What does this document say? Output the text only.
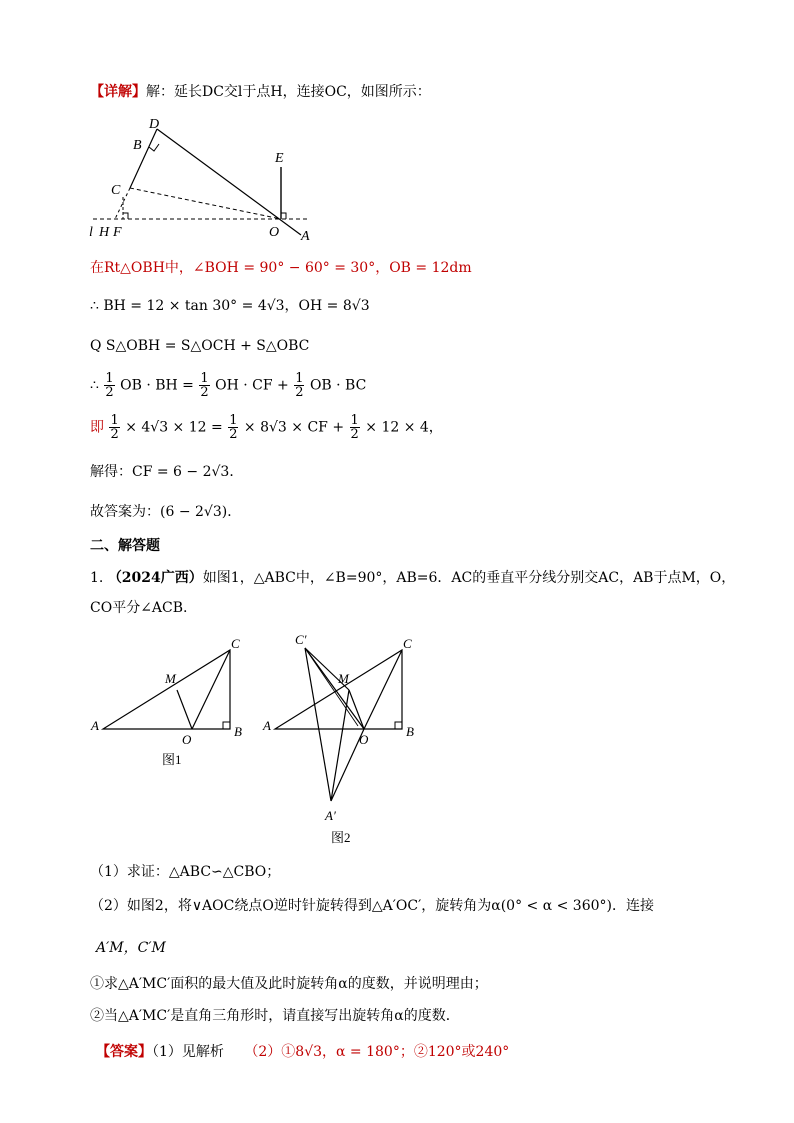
【详解】解：延长DC交l于点H，连接OC，如图所示：
D
B
E
C
l H F	O A
在Rt△OBH中，∠BOH = 90° − 60° = 30°，OB = 12dm
∴ BH = 12 × tan 30° = 4√3，OH = 8√3
Q S△OBH = S△OCH + S△OBC
∴ $\frac{1}{2}$ OB · BH = $\frac{1}{2}$ OH · CF + $\frac{1}{2}$ OB · BC
即 $\frac{1}{2} \times 4√3 \times 12 = \frac{1}{2} \times 8√3$ × CF + $\frac{1}{2} \times 12 \times 4$，
解得：CF = 6 − 2√3．
故答案为：(6 − 2√3)．
二、解答题
1. （2024广西）如图1，△ABC中，∠B=90°，AB=6．AC的垂直平分线分别交AC，AB于点M，O，
CO平分∠ACB.
A	B
C
M
O
图1
A	B
C
M
O
C′
A′
图2
（1）求证：△ABC∽△CBO；
（2）如图2，将∨AOC绕点O逆时针旋转得到△A′OC′，旋转角为α(0° < α < 360°)．连接
A′M，C′M
①求△A′MC′面积的最大值及此时旋转角α的度数，并说明理由；
②当△A′MC′是直角三角形时，请直接写出旋转角α的度数．
【答案】（1）见解析 （2）①8√3，α = 180°；②120°或240°
